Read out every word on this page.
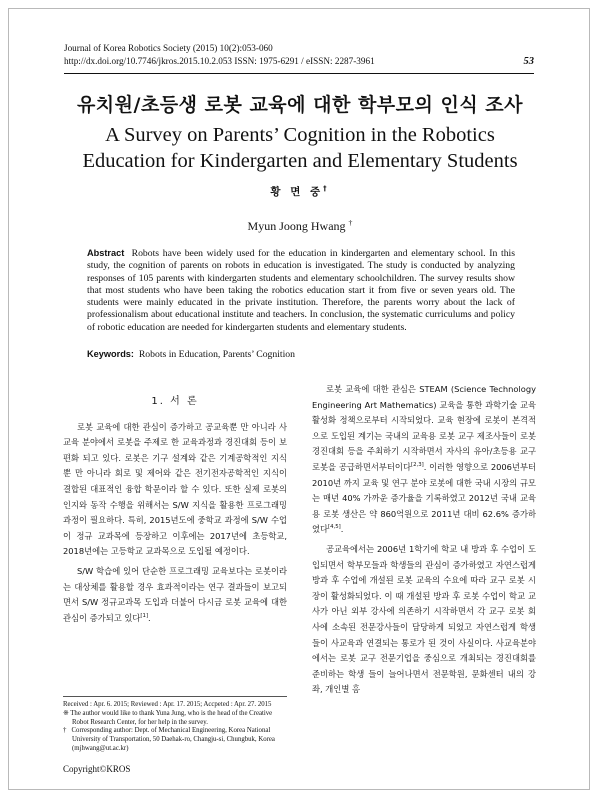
Journal of Korea Robotics Society (2015) 10(2):053-060
http://dx.doi.org/10.7746/jkros.2015.10.2.053 ISSN: 1975-6291 / eISSN: 2287-3961	53
유치원/초등생 로봇 교육에 대한 학부모의 인식 조사
A Survey on Parents’ Cognition in the Robotics
Education for Kindergarten and Elementary Students
황 면 중†
Myun Joong Hwang †
Abstract Robots have been widely used for the education in kindergarten and elementary school. In this study, the cognition of parents on robots in education is investigated. The study is conducted by analyzing responses of 105 parents with kindergarten students and elementary schoolchildren. The survey results show that most students who have been taking the robotics education start it from five or seven years old. The students were mainly educated in the private institution. Therefore, the parents worry about the lack of professionalism about educational institute and teachers. In conclusion, the systematic curriculums and policy of robotic education are needed for kindergarten students and elementary students.
Keywords: Robots in Education, Parents’ Cognition
1. 서 론

로봇 교육에 대한 관심이 증가하고 공교육뿐 만 아니라 사교육 분야에서 로봇을 주제로 한 교육과정과 경진대회 등이 보편화 되고 있다. 로봇은 기구 설계와 같은 기계공학적인 지식뿐 만 아니라 회로 및 제어와 같은 전기전자공학적인 지식이 결합된 대표적인 융합 학문이라 할 수 있다. 또한 실제 로봇의 인지와 동작 수행을 위해서는 S/W 지식을 활용한 프로그래밍 과정이 필요하다. 특히, 2015년도에 중학교 과정에 S/W 수업이 정규 교과목에 등장하고 이후에는 2017년에 초등학교, 2018년에는 고등학교 교과목으로 도입될 예정이다.

S/W 학습에 있어 단순한 프로그래밍 교육보다는 로봇이라는 대상체를 활용할 경우 효과적이라는 연구 결과들이 보고되면서 S/W 정규교과목 도입과 더불어 다시금 로봇 교육에 대한 관심이 증가되고 있다[1].

로봇 교육에 대한 관심은 STEAM (Science Technology Engineering Art Mathematics) 교육을 통한 과학기술 교육 활성화 정책으로부터 시작되었다. 교육 현장에 로봇이 본격적으로 도입된 계기는 국내의 교육용 로봇 교구 제조사들이 로봇경진대회 등을 주최하기 시작하면서 자사의 유아/초등용 교구 로봇을 공급하면서부터이다[2,3]. 이러한 영향으로 2006년부터 2010년 까지 교육 및 연구 분야 로봇에 대한 국내 시장의 규모는 매년 40% 가까운 증가율을 기록하였고 2012년 국내 교육용 로봇 생산은 약 860억원으로 2011년 대비 62.6% 증가하였다[4,5].

공교육에서는 2006년 1학기에 학교 내 방과 후 수업이 도입되면서 학부모들과 학생들의 관심이 증가하였고 자연스럽게 방과 후 수업에 개설된 로봇 교육의 수요에 따라 교구 로봇 시장이 활성화되었다. 이 때 개설된 방과 후 로봇 수업이 학교 교사가 아닌 외부 강사에 의존하기 시작하면서 각 교구 로봇 회사에 소속된 전문강사들이 담당하게 되었고 자연스럽게 학생들이 사교육과 연결되는 통로가 된 것이 사실이다. 사교육분야에서는 로봇 교구 전문기업을 중심으로 개최되는 경진대회를 준비하는 학생 들이 늘어나면서 전문학원, 문화센터 내의 강좌, 개인별 홈

Received : Apr. 6. 2015; Reviewed : Apr. 17. 2015; Accpeted : Apr. 27. 2015
※ The author would like to thank Yuna Jung, who is the head of the Creative Robot Research Center, for her help in the survey.
† Corresponding author: Dept. of Mechanical Engineering, Korea National University of Transportation, 50 Daehak-ro, Changju-si, Chungbuk, Korea (mjhwang@ut.ac.kr)
Copyright©KROS
